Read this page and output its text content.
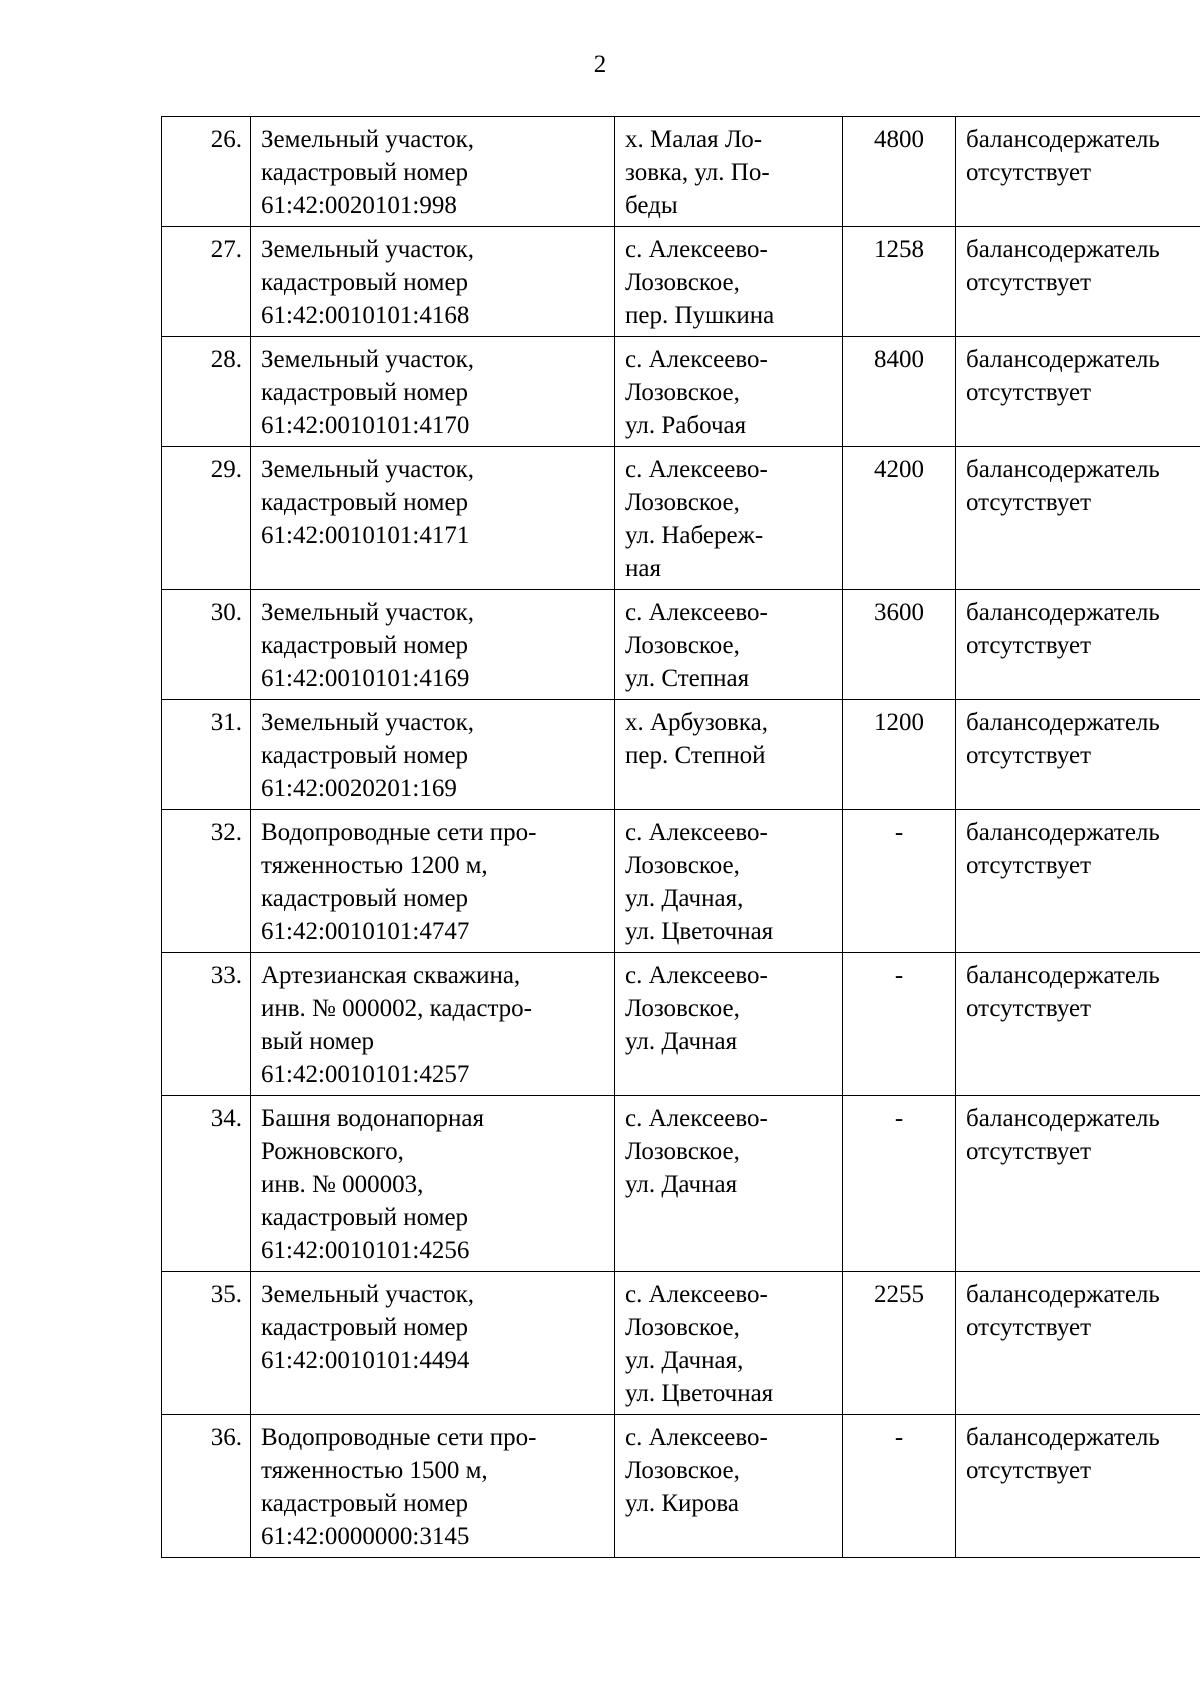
2
26.	Земельный участок,
кадастровый номер
61:42:0020101:998	х. Малая Ло-
зовка, ул. По-
беды	4800	балансодержатель
отсутствует

27.	Земельный участок,
кадастровый номер
61:42:0010101:4168	с. Алексеево-
Лозовское,
пер. Пушкина	1258	балансодержатель
отсутствует

28.	Земельный участок,
кадастровый номер
61:42:0010101:4170	с. Алексеево-
Лозовское,
ул. Рабочая	8400	балансодержатель
отсутствует

29.	Земельный участок,
кадастровый номер
61:42:0010101:4171	с. Алексеево-
Лозовское,
ул. Набереж-
ная	4200	балансодержатель
отсутствует

30.	Земельный участок,
кадастровый номер
61:42:0010101:4169	с. Алексеево-
Лозовское,
ул. Степная	3600	балансодержатель
отсутствует

31.	Земельный участок,
кадастровый номер
61:42:0020201:169	х. Арбузовка,
пер. Степной	1200	балансодержатель
отсутствует

32.	Водопроводные сети про-
тяженностью 1200 м,
кадастровый номер
61:42:0010101:4747	с. Алексеево-
Лозовское,
ул. Дачная,
ул. Цветочная	-	балансодержатель
отсутствует

33.	Артезианская скважина,
инв. № 000002, кадастро-
вый номер
61:42:0010101:4257	с. Алексеево-
Лозовское,
ул. Дачная	-	балансодержатель
отсутствует

34.	Башня водонапорная
Рожновского,
инв. № 000003,
кадастровый номер
61:42:0010101:4256	с. Алексеево-
Лозовское,
ул. Дачная	-	балансодержатель
отсутствует

35.	Земельный участок,
кадастровый номер
61:42:0010101:4494	с. Алексеево-
Лозовское,
ул. Дачная,
ул. Цветочная	2255	балансодержатель
отсутствует

36.	Водопроводные сети про-
тяженностью 1500 м,
кадастровый номер
61:42:0000000:3145	с. Алексеево-
Лозовское,
ул. Кирова	-	балансодержатель
отсутствует
